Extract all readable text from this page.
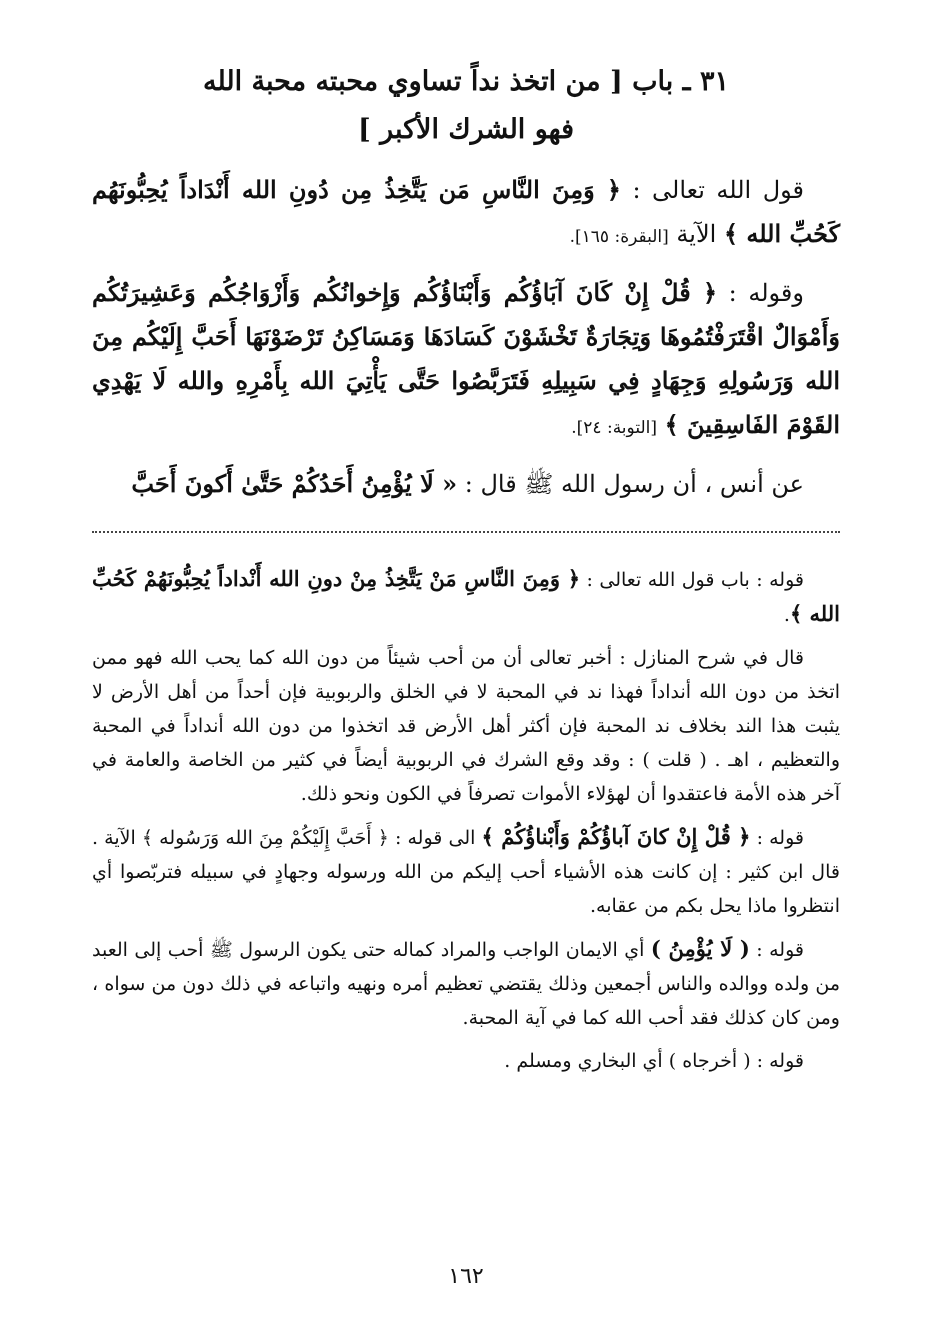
٣١ ـ باب [ من اتخذ نداً تساوي محبته محبة الله

فهو الشرك الأكبر ]

قول الله تعالى : ﴿ وَمِنَ النَّاسِ مَن يَتَّخِذُ مِن دُونِ الله أَنْدَاداً يُحِبُّونَهُم كَحُبِّ الله ﴾ الآية [البقرة: ١٦٥].

وقوله : ﴿ قُلْ إِنْ كَانَ آبَاؤُكُم وَأَبْنَاؤُكُم وَإِخوانُكُم وَأَزْوَاجُكُم وَعَشِيرَتُكُم وَأَمْوَالٌ اقْتَرَفْتُمُوهَا وَتِجَارَةٌ تَخْشَوْنَ كَسَادَهَا وَمَسَاكِنُ تَرْضَوْنَهَا أَحَبَّ إِلَيْكُم مِنَ الله وَرَسُولِهِ وَجِهَادٍ فِي سَبِيلِهِ فَتَرَبَّصُوا حَتَّى يَأْتِيَ الله بِأَمْرِهِ والله لَا يَهْدِي القَوْمَ الفَاسِقِينَ ﴾ [التوبة: ٢٤].

عن أنس ، أن رسول الله ﷺ قال : « لَا يُؤْمِنُ أَحَدُكُمْ حَتَّىٰ أَكونَ أَحَبَّ

قوله : باب قول الله تعالى : ﴿ وَمِنَ النَّاسِ مَنْ يَتَّخِذُ مِنْ دونِ الله أَنْداداً يُحِبُّونَهُمْ كَحُبِّ الله ﴾.

قال في شرح المنازل : أخبر تعالى أن من أحب شيئاً من دون الله كما يحب الله فهو ممن اتخذ من دون الله أنداداً فهذا ند في المحبة لا في الخلق والربوبية فإن أحداً من أهل الأرض لا يثبت هذا الند بخلاف ند المحبة فإن أكثر أهل الأرض قد اتخذوا من دون الله أنداداً في المحبة والتعظيم ، اهـ . ( قلت ) : وقد وقع الشرك في الربوبية أيضاً في كثير من الخاصة والعامة في آخر هذه الأمة فاعتقدوا أن لهؤلاء الأموات تصرفاً في الكون ونحو ذلك.

قوله : ﴿ قُلْ إِنْ كانَ آباؤُكُمْ وَأَبْناؤُكُمْ ﴾ الى قوله : ﴿ أَحَبَّ إِلَيْكُمْ مِنَ الله وَرَسُوله ﴾ الآية . قال ابن كثير : إن كانت هذه الأشياء أحب إليكم من الله ورسوله وجهادٍ في سبيله فتربّصوا أي انتظروا ماذا يحل بكم من عقابه.

قوله : ( لَا يُؤْمِنُ ) أي الايمان الواجب والمراد كماله حتى يكون الرسول ﷺ أحب إلى العبد من ولده ووالده والناس أجمعين وذلك يقتضي تعظيم أمره ونهيه واتباعه في ذلك دون من سواه ، ومن كان كذلك فقد أحب الله كما في آية المحبة.

قوله : ( أخرجاه ) أي البخاري ومسلم .

١٦٢
